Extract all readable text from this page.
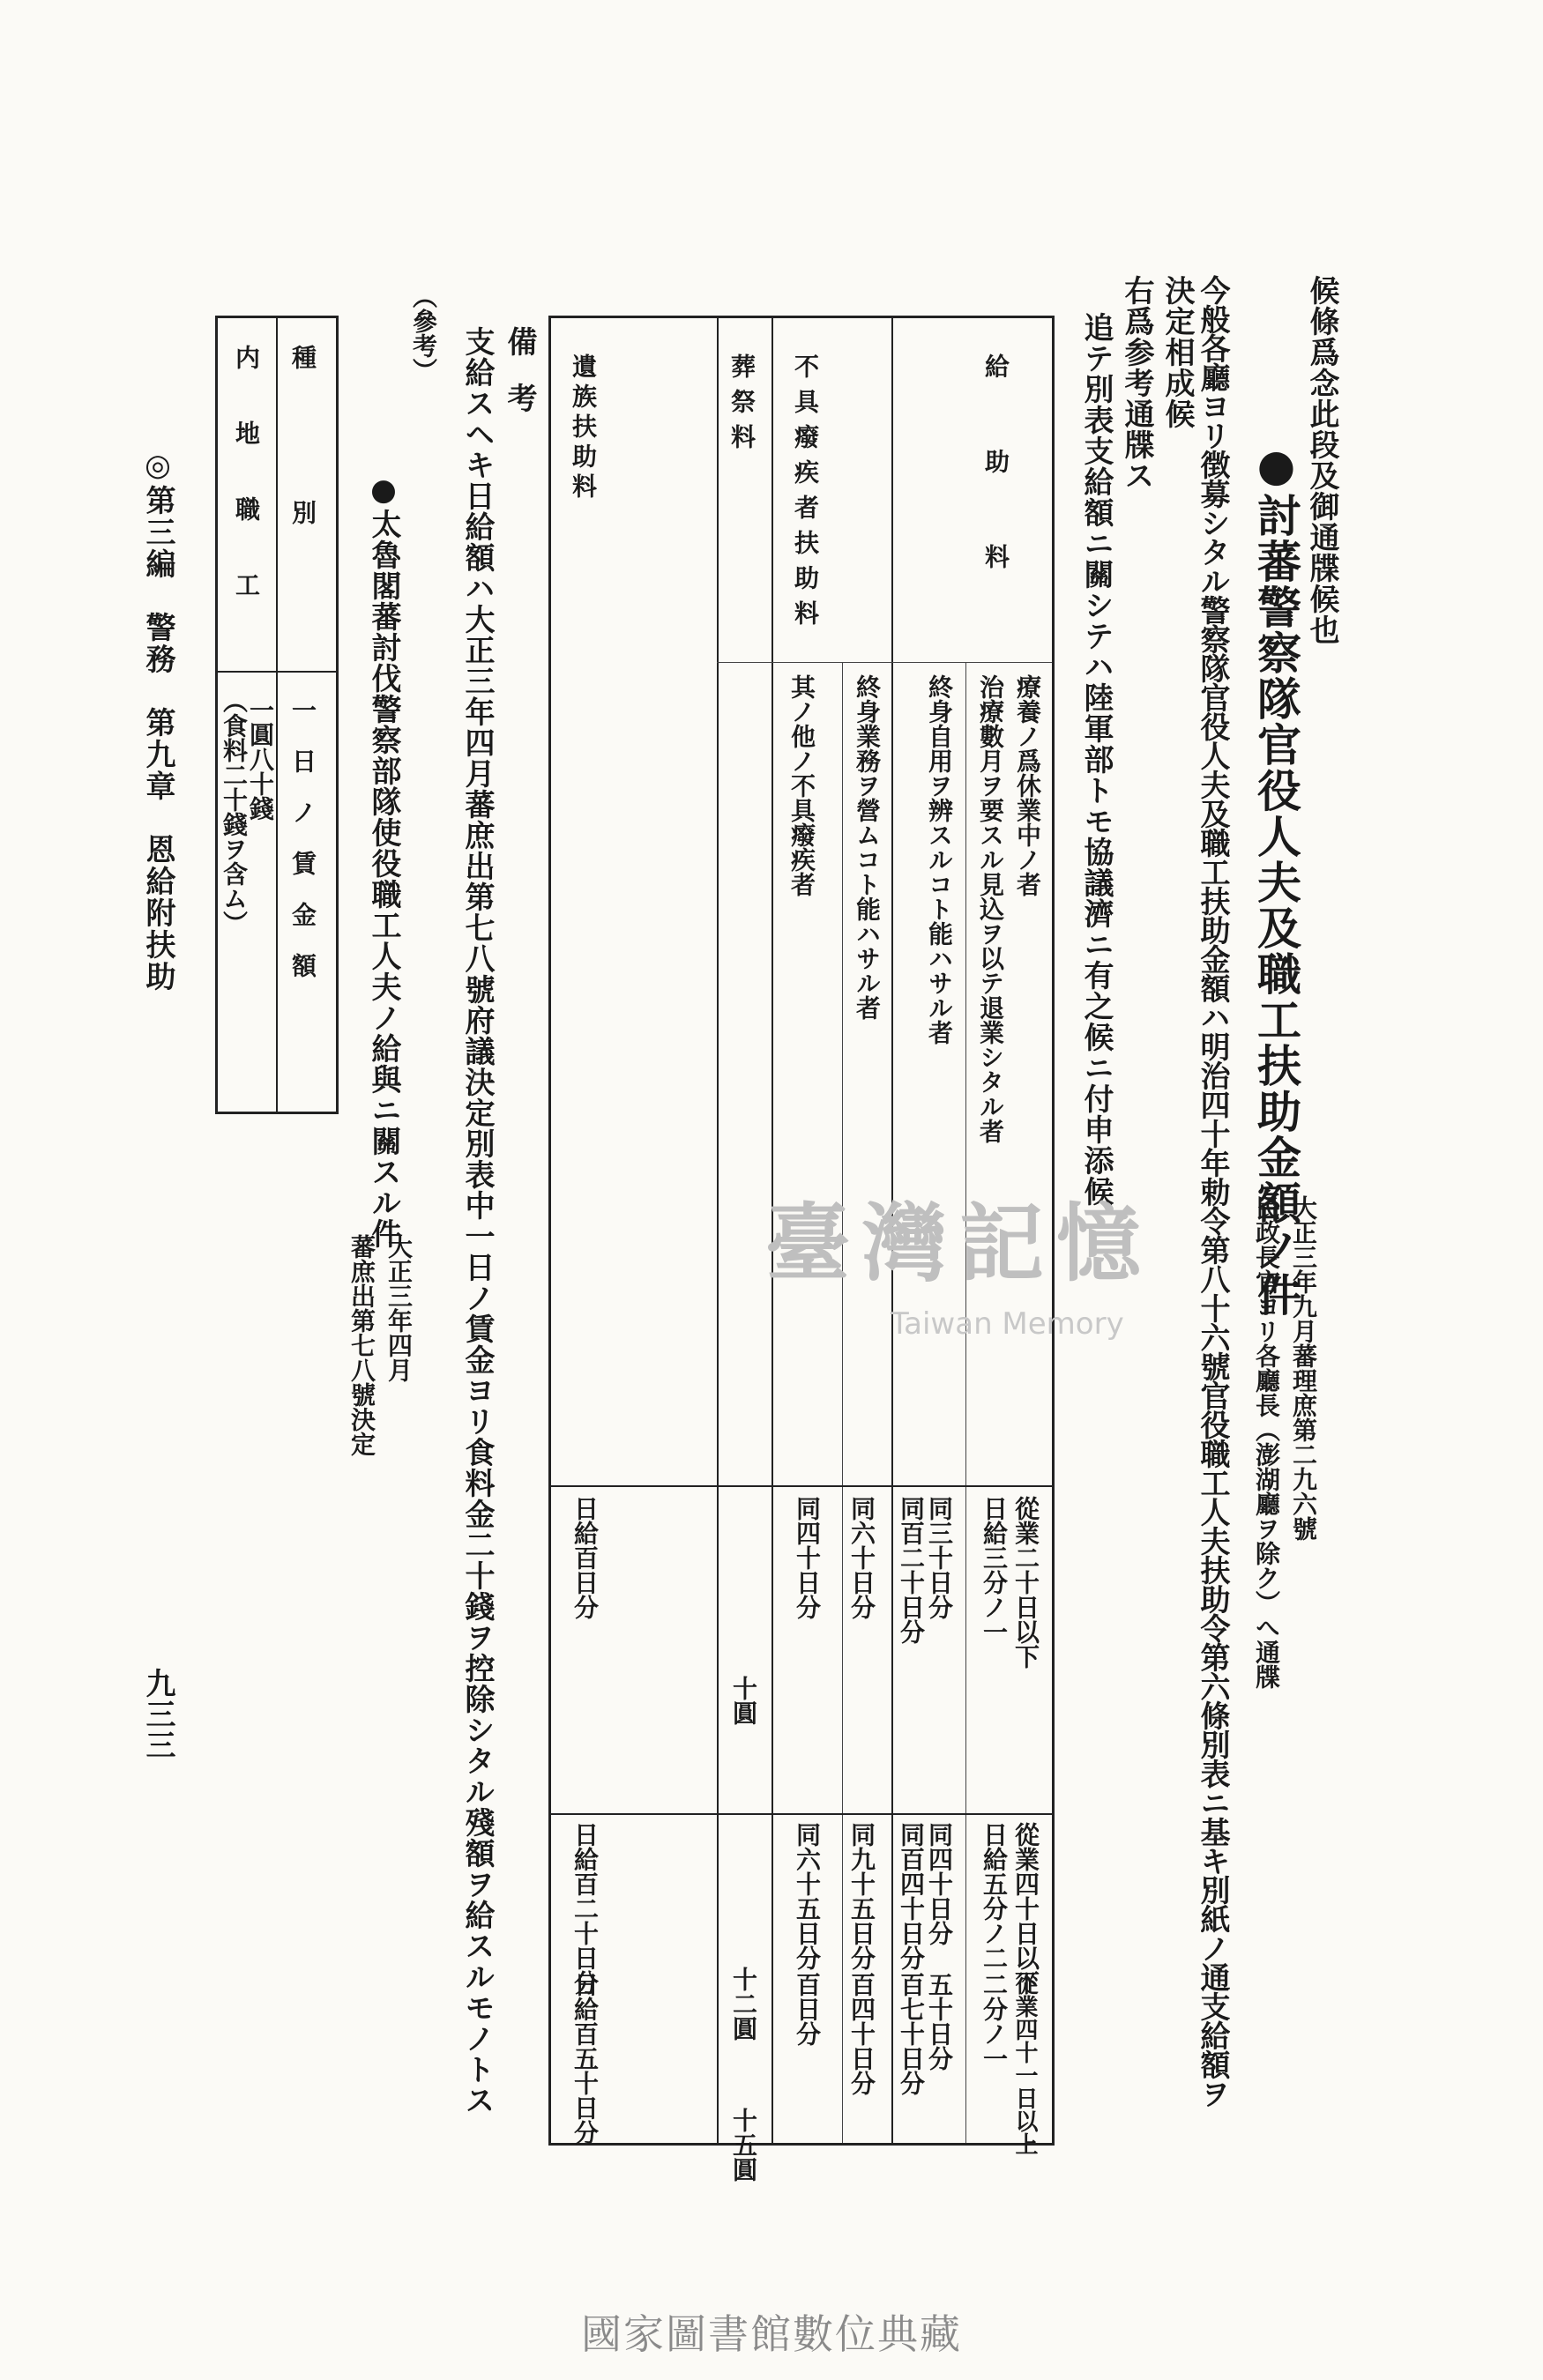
候條爲念此段及御通牒候也
●討蕃警察隊官役人夫及職工扶助金額ノ件
大正三年九月蕃理庶第二九六號
民政長官ヨリ各廳長（澎湖廳ヲ除ク）へ通牒
今般各廳ヨリ徴募シタル警察隊官役人夫及職工扶助金額ハ明治四十年勅令第八十六號官役職工人夫扶助令第六條別表ニ基キ別紙ノ通支給額ヲ
決定相成候
右爲参考通牒ス
追テ別表支給額ニ關シテハ陸軍部トモ協議濟ニ有之候ニ付申添候
給助料
不具癈疾者扶助料
葬祭料
遺族扶助料
療養ノ爲休業中ノ者
治療數月ヲ要スル見込ヲ以テ退業シタル者
終身自用ヲ辨スルコト能ハサル者
終身業務ヲ營ムコト能ハサル者
其ノ他ノ不具癈疾者
從業二十日以下
從業四十日以下
從業四十一日以上
日給三分ノ一
日給五分ノ二
二分ノ一
同三十日分
同四十日分
五十日分
同百二十日分
同百四十日分
百七十日分
同六十日分
同九十五日分
百四十日分
同四十日分
同六十五日分
百日分
十圓
十二圓
十五圓
日給百日分
日給百二十日分
日給百五十日分
備考
支給スヘキ日給額ハ大正三年四月蕃庶出第七八號府議決定別表中一日ノ賃金ヨリ食料金二十錢ヲ控除シタル殘額ヲ給スルモノトス
（參考）
●太魯閣蕃討伐警察部隊使役職工人夫ノ給與ニ關スル件
大正三年四月
蕃庶出第七八號決定
種　別
一日ノ賃金額
内地職工
一圓八十錢
（食料二十錢ヲ含ム）
◎第三編　警務　第九章　恩給附扶助
九三三
臺灣記憶
Taiwan Memory
國家圖書館數位典藏
